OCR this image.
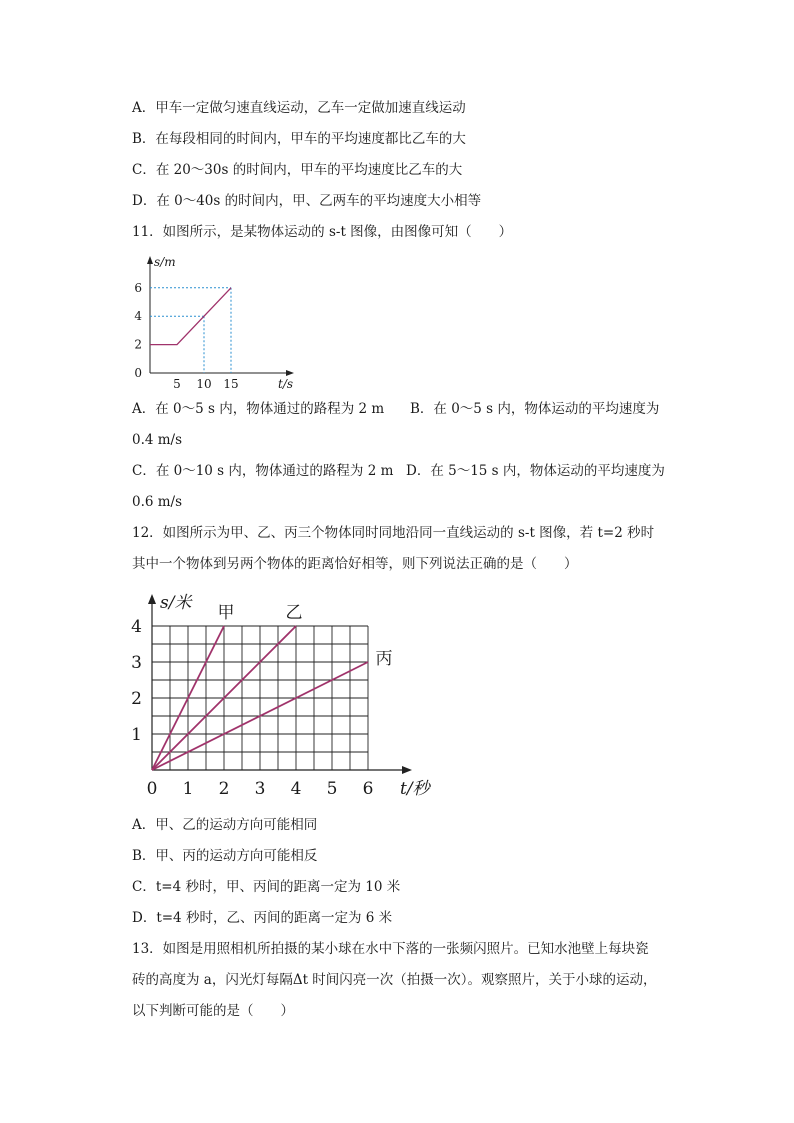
A．甲车一定做匀速直线运动，乙车一定做加速直线运动
B．在每段相同的时间内，甲车的平均速度都比乙车的大
C．在 20～30s 的时间内，甲车的平均速度比乙车的大
D．在 0～40s 的时间内，甲、乙两车的平均速度大小相等
11．如图所示，是某物体运动的 s-t 图像，由图像可知（　　）
5 10 15
2
4
6
0
s/m
t/s
A．在 0～5 s 内，物体通过的路程为 2 m B．在 0～5 s 内，物体运动的平均速度为
0.4 m/s
C．在 0～10 s 内，物体通过的路程为 2 m D．在 5～15 s 内，物体运动的平均速度为
0.6 m/s
12．如图所示为甲、乙、丙三个物体同时同地沿同一直线运动的 s-t 图像，若 t=2 秒时
其中一个物体到另两个物体的距离恰好相等，则下列说法正确的是（　　）
甲	乙
丙
1 2 3 4 5 6
1
2
3
4
0
s/米
t/秒
A．甲、乙的运动方向可能相同
B．甲、丙的运动方向可能相反
C．t=4 秒时，甲、丙间的距离一定为 10 米
D．t=4 秒时，乙、丙间的距离一定为 6 米
13．如图是用照相机所拍摄的某小球在水中下落的一张频闪照片。已知水池壁上每块瓷
砖的高度为 a，闪光灯每隔Δt 时间闪亮一次（拍摄一次）。观察照片，关于小球的运动，
以下判断可能的是（　　）
